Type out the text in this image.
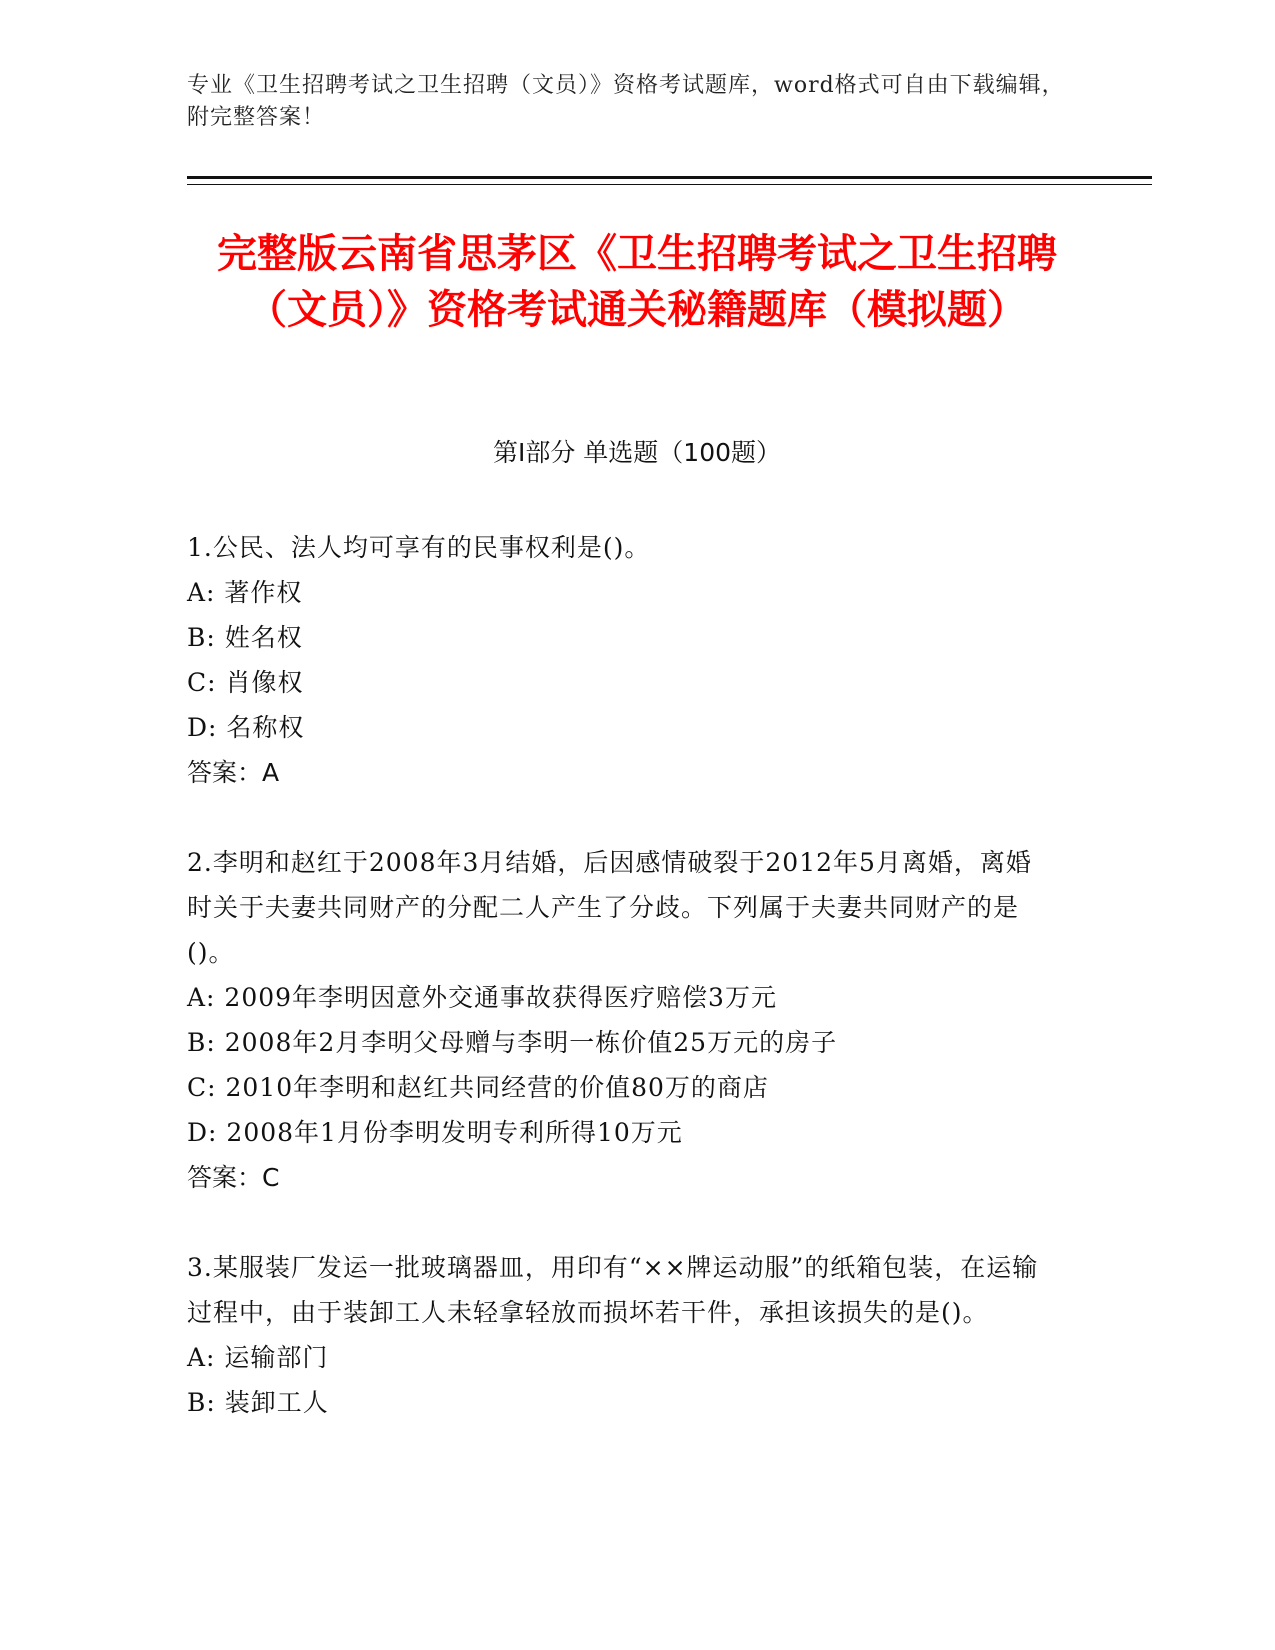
专业《卫生招聘考试之卫生招聘（文员）》资格考试题库，word格式可自由下载编辑，附完整答案！
完整版云南省思茅区《卫生招聘考试之卫生招聘（文员）》资格考试通关秘籍题库（模拟题）
第Ⅰ部分 单选题（100题）
1.公民、法人均可享有的民事权利是()。
A: 著作权
B: 姓名权
C: 肖像权
D: 名称权
答案：A
2.李明和赵红于2008年3月结婚，后因感情破裂于2012年5月离婚，离婚时关于夫妻共同财产的分配二人产生了分歧。下列属于夫妻共同财产的是()。
A: 2009年李明因意外交通事故获得医疗赔偿3万元
B: 2008年2月李明父母赠与李明一栋价值25万元的房子
C: 2010年李明和赵红共同经营的价值80万的商店
D: 2008年1月份李明发明专利所得10万元
答案：C
3.某服装厂发运一批玻璃器皿，用印有“××牌运动服”的纸箱包装，在运输过程中，由于装卸工人未轻拿轻放而损坏若干件，承担该损失的是()。
A: 运输部门
B: 装卸工人
